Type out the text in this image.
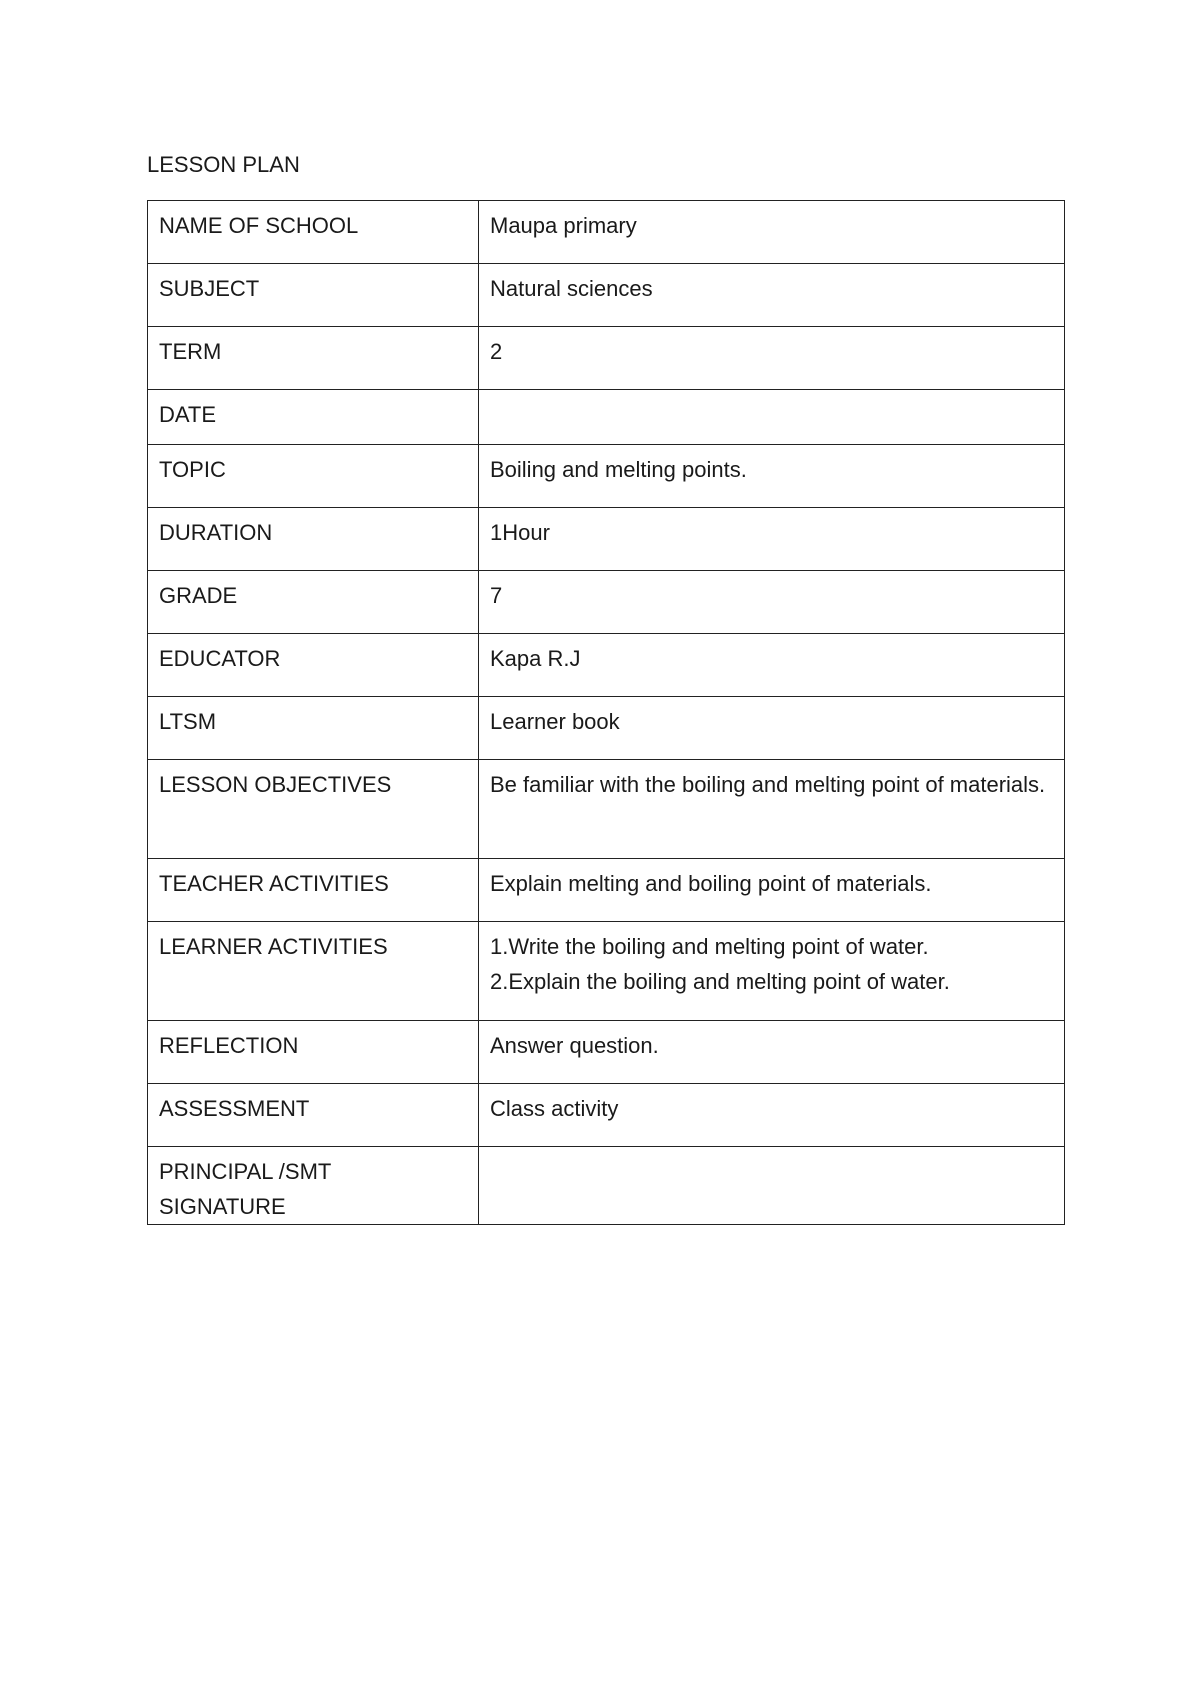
LESSON PLAN
NAME OF SCHOOL	Maupa primary
SUBJECT	Natural sciences
TERM	2
DATE	
TOPIC	Boiling and melting points.
DURATION	1Hour
GRADE	7
EDUCATOR	Kapa R.J
LTSM	Learner book
LESSON OBJECTIVES	Be familiar with the boiling and melting point of materials.
TEACHER ACTIVITIES	Explain melting and boiling point of materials.
LEARNER ACTIVITIES	1.Write the boiling and melting point of water.
2.Explain the boiling and melting point of water.

REFLECTION	Answer question.
ASSESSMENT	Class activity

PRINCIPAL /SMT
SIGNATURE	
